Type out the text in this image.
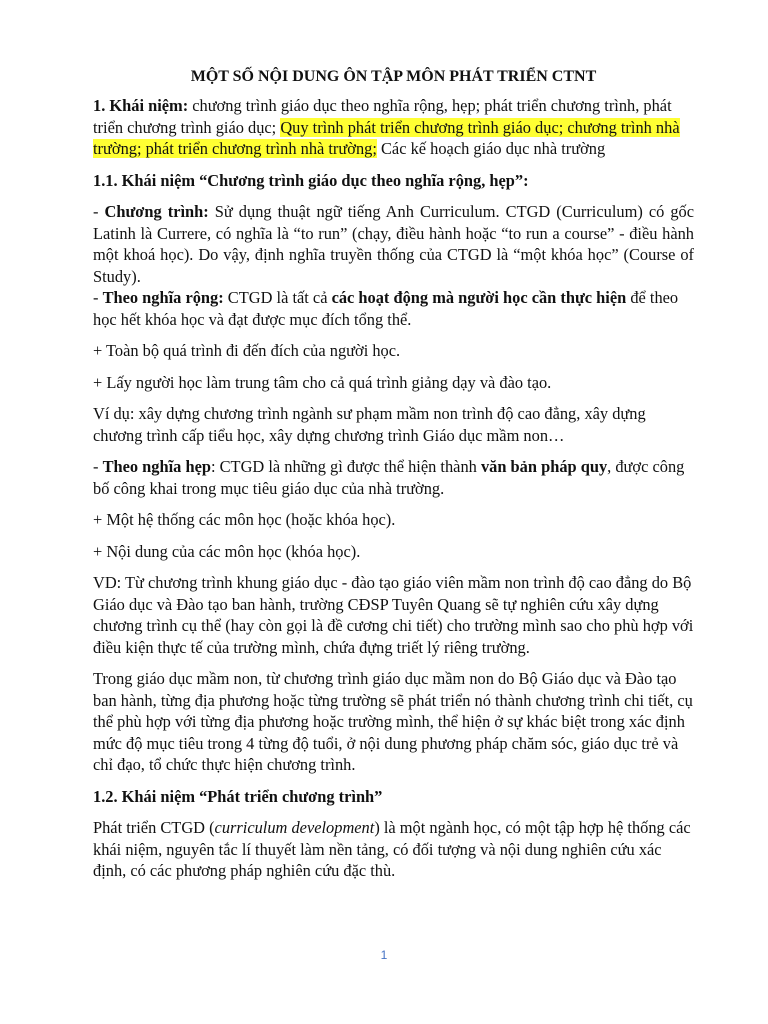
MỘT SỐ NỘI DUNG ÔN TẬP MÔN PHÁT TRIỂN CTNT

1. Khái niệm: chương trình giáo dục theo nghĩa rộng, hẹp; phát triển chương trình, phát triển chương trình giáo dục; Quy trình phát triển chương trình giáo dục; chương trình nhà trường; phát triển chương trình nhà trường; Các kế hoạch giáo dục nhà trường

1.1. Khái niệm “Chương trình giáo dục theo nghĩa rộng, hẹp”:

- Chương trình: Sử dụng thuật ngữ tiếng Anh Curriculum. CTGD (Curriculum) có gốc Latinh là Currere, có nghĩa là “to run” (chạy, điều hành hoặc “to run a course” - điều hành một khoá học). Do vậy, định nghĩa truyền thống của CTGD là “một khóa học” (Course of Study).

- Theo nghĩa rộng: CTGD là tất cả các hoạt động mà người học cần thực hiện để theo học hết khóa học và đạt được mục đích tổng thể.

+ Toàn bộ quá trình đi đến đích của người học.

+ Lấy người học làm trung tâm cho cả quá trình giảng dạy và đào tạo.

Ví dụ: xây dựng chương trình ngành sư phạm mầm non trình độ cao đẳng, xây dựng chương trình cấp tiểu học, xây dựng chương trình Giáo dục mầm non…

- Theo nghĩa hẹp: CTGD là những gì được thể hiện thành văn bản pháp quy, được công bố công khai trong mục tiêu giáo dục của nhà trường.

+ Một hệ thống các môn học (hoặc khóa học).

+ Nội dung của các môn học (khóa học).

VD: Từ chương trình khung giáo dục - đào tạo giáo viên mầm non trình độ cao đẳng do Bộ Giáo dục và Đào tạo ban hành, trường CĐSP Tuyên Quang sẽ tự nghiên cứu xây dựng chương trình cụ thể (hay còn gọi là đề cương chi tiết) cho trường mình sao cho phù hợp với điều kiện thực tế của trường mình, chứa đựng triết lý riêng trường.

Trong giáo dục mầm non, từ chương trình giáo dục mầm non do Bộ Giáo dục và Đào tạo ban hành, từng địa phương hoặc từng trường sẽ phát triển nó thành chương trình chi tiết, cụ thể phù hợp với từng địa phương hoặc trường mình, thể hiện ở sự khác biệt trong xác định mức độ mục tiêu trong 4 từng độ tuổi, ở nội dung phương pháp chăm sóc, giáo dục trẻ và chỉ đạo, tổ chức thực hiện chương trình.

1.2. Khái niệm “Phát triển chương trình”

Phát triển CTGD (curriculum development) là một ngành học, có một tập hợp hệ thống các khái niệm, nguyên tắc lí thuyết làm nền tảng, có đối tượng và nội dung nghiên cứu xác định, có các phương pháp nghiên cứu đặc thù.

1
